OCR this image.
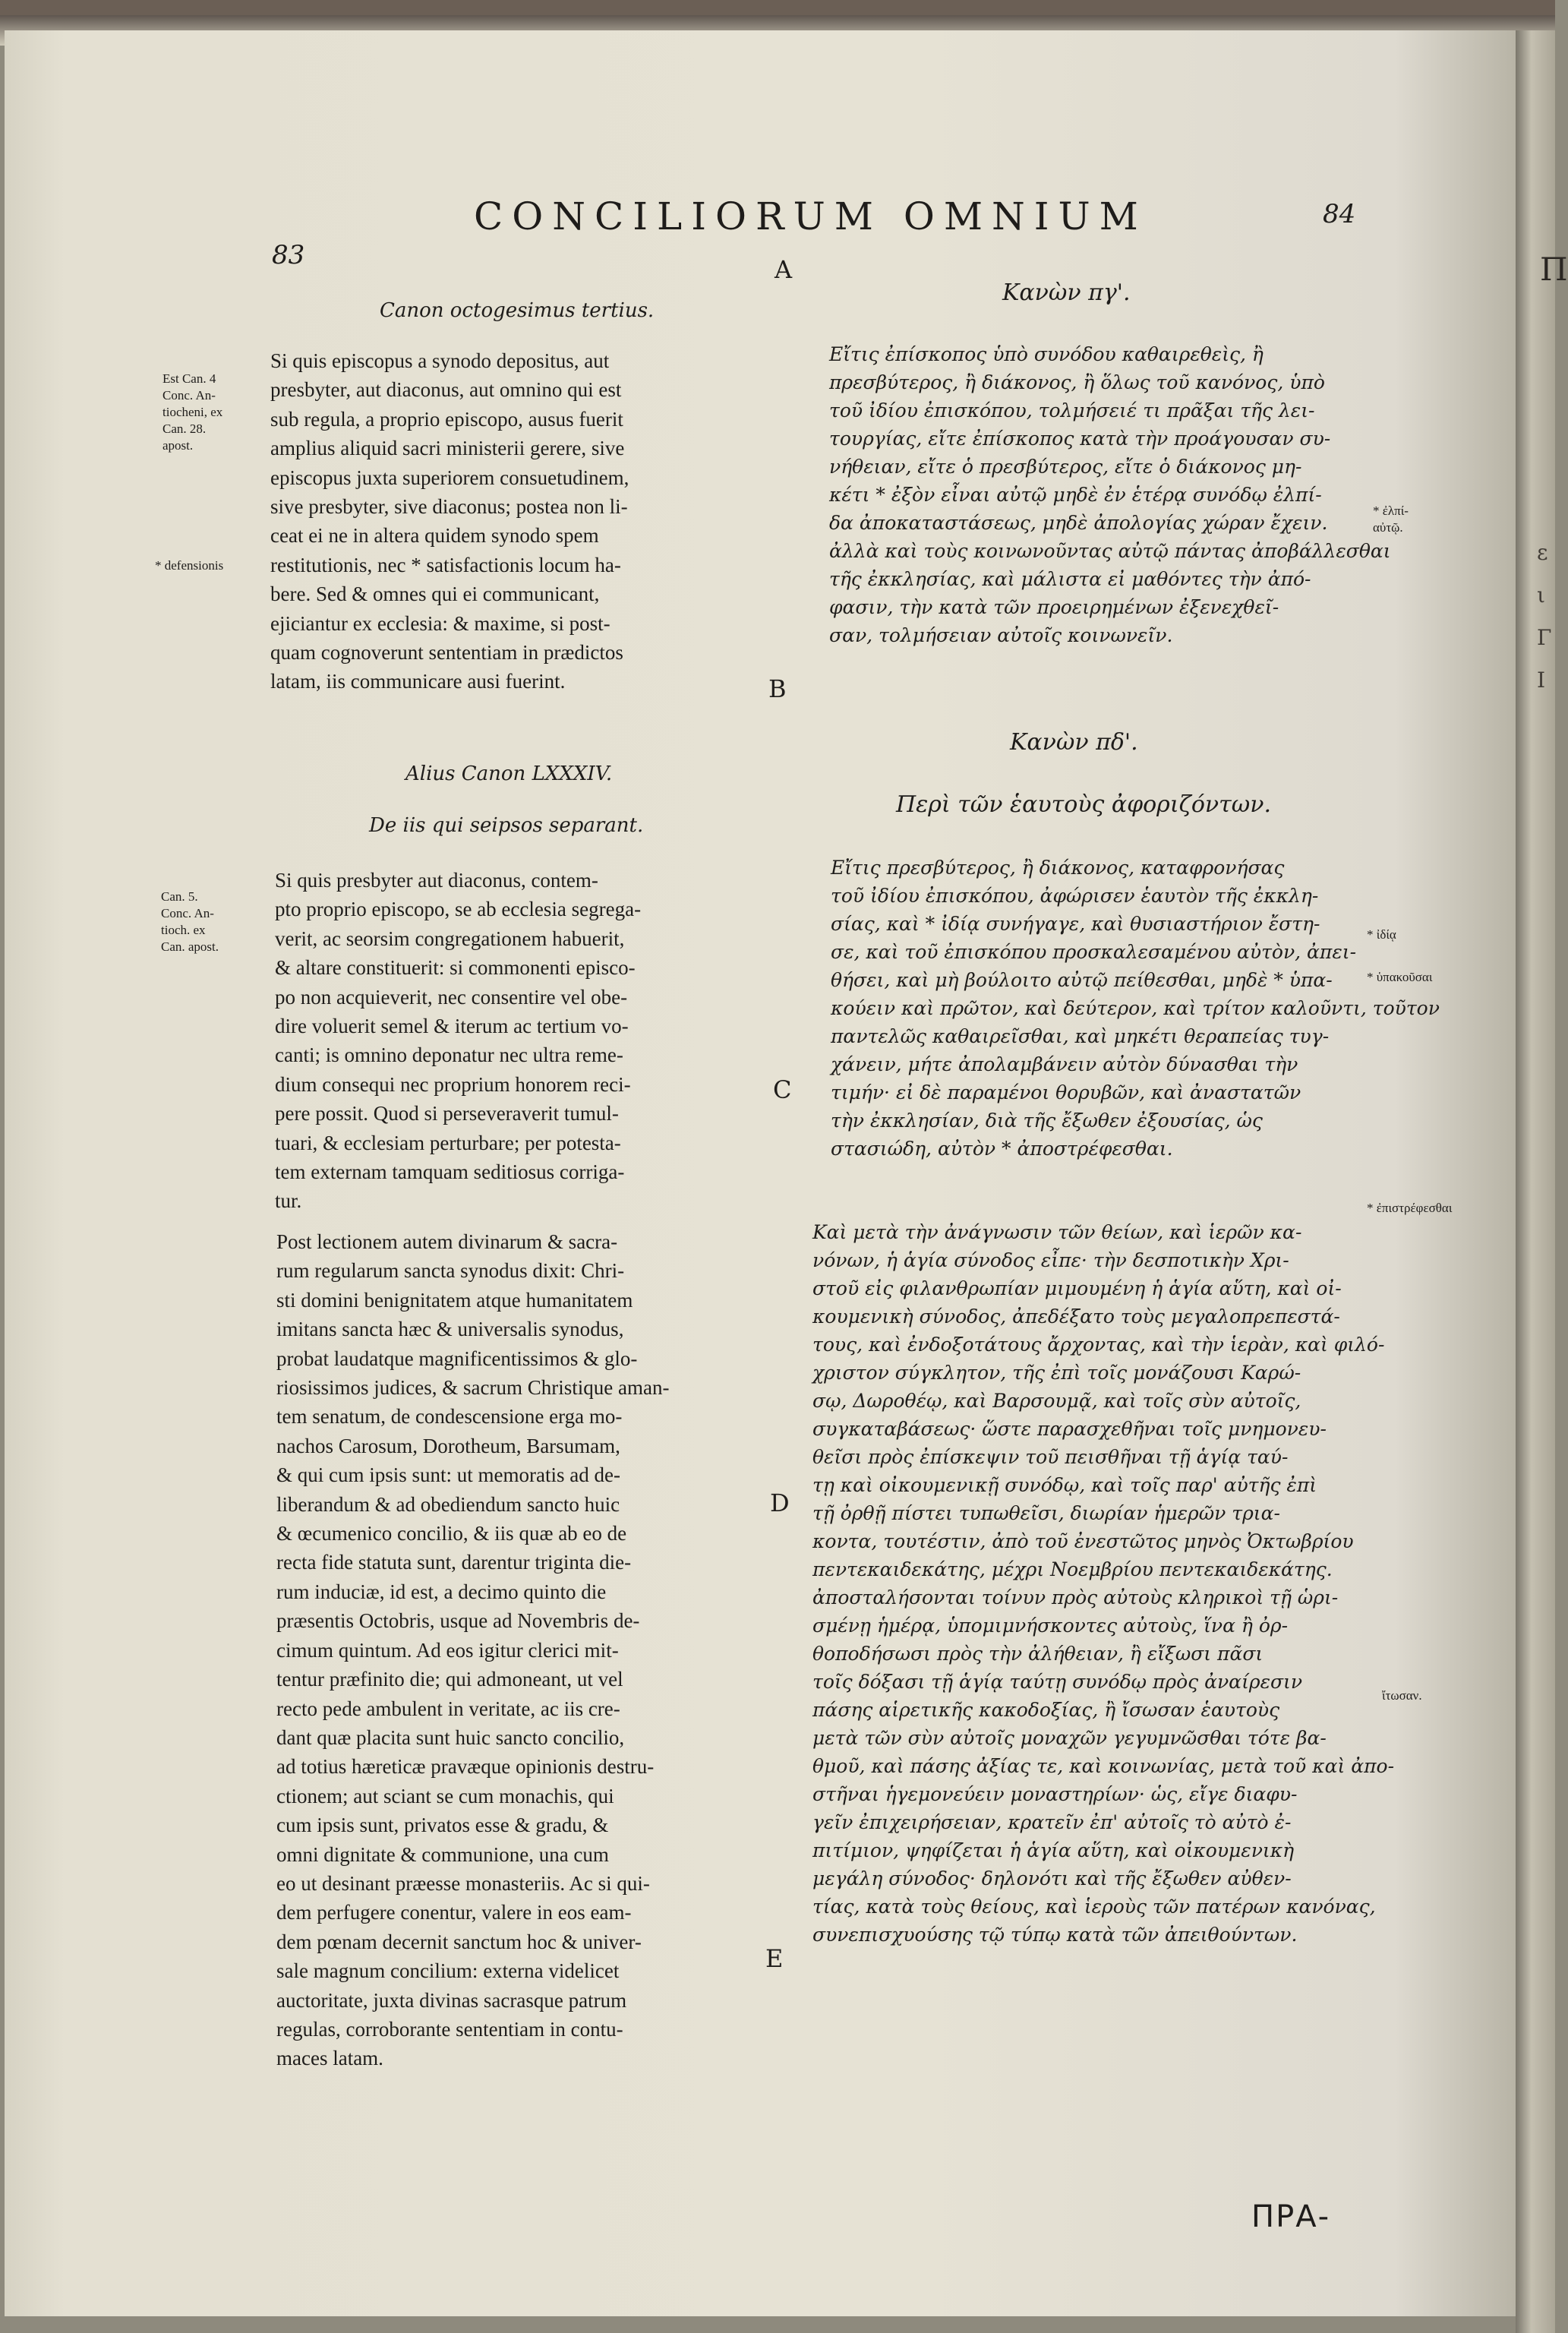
Π
ε
ι
Γ
Ι
CONCILIORUM OMNIUM
83
84
A
Canon octogesimus tertius.
Κανὼν πγ'.
Est Can. 4
Conc. An-
tiocheni, ex
Can. 28.
apost.
* defensionis
* ἐλπί-
αὐτῷ.
Si quis episcopus a synodo depositus, aut
presbyter, aut diaconus, aut omnino qui est
sub regula, a proprio episcopo, ausus fuerit
amplius aliquid sacri ministerii gerere, sive
episcopus juxta superiorem consuetudinem,
sive presbyter, sive diaconus; postea non li-
ceat ei ne in altera quidem synodo spem
restitutionis, nec * satisfactionis locum ha-
bere. Sed & omnes qui ei communicant,
ejiciantur ex ecclesia: & maxime, si post-
quam cognoverunt sententiam in prædictos
latam, iis communicare ausi fuerint.
Εἴτις ἐπίσκοπος ὑπὸ συνόδου καθαιρεθεὶς, ἢ
πρεσβύτερος, ἢ διάκονος, ἢ ὅλως τοῦ κανόνος, ὑπὸ
τοῦ ἰδίου ἐπισκόπου, τολμήσειέ τι πρᾶξαι τῆς λει-
τουργίας, εἴτε ἐπίσκοπος κατὰ τὴν προάγουσαν συ-
νήθειαν, εἴτε ὁ πρεσβύτερος, εἴτε ὁ διάκονος μη-
κέτι * ἐξὸν εἶναι αὐτῷ μηδὲ ἐν ἑτέρᾳ συνόδῳ ἐλπί-
δα ἀποκαταστάσεως, μηδὲ ἀπολογίας χώραν ἔχειν.
ἀλλὰ καὶ τοὺς κοινωνοῦντας αὐτῷ πάντας ἀποβάλλεσθαι
τῆς ἐκκλησίας, καὶ μάλιστα εἰ μαθόντες τὴν ἀπό-
φασιν, τὴν κατὰ τῶν προειρημένων ἐξενεχθεῖ-
σαν, τολμήσειαν αὐτοῖς κοινωνεῖν.
B
Alius Canon LXXXIV.
De iis qui seipsos separant.
Κανὼν πδ'.
Περὶ τῶν ἑαυτοὺς ἀφοριζόντων.
Can. 5.
Conc. An-
tioch. ex
Can. apost.
* ἰδίᾳ
* ὑπακοῦσαι
* ἐπιστρέφεσθαι
Si quis presbyter aut diaconus, contem-
pto proprio episcopo, se ab ecclesia segrega-
verit, ac seorsim congregationem habuerit,
& altare constituerit: si commonenti episco-
po non acquieverit, nec consentire vel obe-
dire voluerit semel & iterum ac tertium vo-
canti; is omnino deponatur nec ultra reme-
dium consequi nec proprium honorem reci-
pere possit. Quod si perseveraverit tumul-
tuari, & ecclesiam perturbare; per potesta-
tem externam tamquam seditiosus corriga-
tur.
Εἴτις πρεσβύτερος, ἢ διάκονος, καταφρονήσας
τοῦ ἰδίου ἐπισκόπου, ἀφώρισεν ἑαυτὸν τῆς ἐκκλη-
σίας, καὶ * ἰδίᾳ συνήγαγε, καὶ θυσιαστήριον ἔστη-
σε, καὶ τοῦ ἐπισκόπου προσκαλεσαμένου αὐτὸν, ἀπει-
θήσει, καὶ μὴ βούλοιτο αὐτῷ πείθεσθαι, μηδὲ * ὑπα-
κούειν καὶ πρῶτον, καὶ δεύτερον, καὶ τρίτον καλοῦντι, τοῦτον
παντελῶς καθαιρεῖσθαι, καὶ μηκέτι θεραπείας τυγ-
χάνειν, μήτε ἀπολαμβάνειν αὐτὸν δύνασθαι τὴν
τιμήν· εἰ δὲ παραμένοι θορυβῶν, καὶ ἀναστατῶν
τὴν ἐκκλησίαν, διὰ τῆς ἔξωθεν ἐξουσίας, ὡς
στασιώδη, αὐτὸν * ἀποστρέφεσθαι.
C
Post lectionem autem divinarum & sacra-
rum regularum sancta synodus dixit: Chri-
sti domini benignitatem atque humanitatem
imitans sancta hæc & universalis synodus,
probat laudatque magnificentissimos & glo-
riosissimos judices, & sacrum Christique aman-
tem senatum, de condescensione erga mo-
nachos Carosum, Dorotheum, Barsumam,
& qui cum ipsis sunt: ut memoratis ad de-
liberandum & ad obediendum sancto huic
& œcumenico concilio, & iis quæ ab eo de
recta fide statuta sunt, darentur triginta die-
rum induciæ, id est, a decimo quinto die
præsentis Octobris, usque ad Novembris de-
cimum quintum. Ad eos igitur clerici mit-
tentur præfinito die; qui admoneant, ut vel
recto pede ambulent in veritate, ac iis cre-
dant quæ placita sunt huic sancto concilio,
ad totius hæreticæ pravæque opinionis destru-
ctionem; aut sciant se cum monachis, qui
cum ipsis sunt, privatos esse & gradu, &
omni dignitate & communione, una cum
eo ut desinant præesse monasteriis. Ac si qui-
dem perfugere conentur, valere in eos eam-
dem pœnam decernit sanctum hoc & univer-
sale magnum concilium: externa videlicet
auctoritate, juxta divinas sacrasque patrum
regulas, corroborante sententiam in contu-
maces latam.
Καὶ μετὰ τὴν ἀνάγνωσιν τῶν θείων, καὶ ἱερῶν κα-
νόνων, ἡ ἁγία σύνοδος εἶπε· τὴν δεσποτικὴν Χρι-
στοῦ εἰς φιλανθρωπίαν μιμουμένη ἡ ἁγία αὕτη, καὶ οἰ-
κουμενικὴ σύνοδος, ἀπεδέξατο τοὺς μεγαλοπρεπεστά-
τους, καὶ ἐνδοξοτάτους ἄρχοντας, καὶ τὴν ἱερὰν, καὶ φιλό-
χριστον σύγκλητον, τῆς ἐπὶ τοῖς μονάζουσι Καρώ-
σῳ, Δωροθέῳ, καὶ Βαρσουμᾷ, καὶ τοῖς σὺν αὐτοῖς,
συγκαταβάσεως· ὥστε παρασχεθῆναι τοῖς μνημονευ-
θεῖσι πρὸς ἐπίσκεψιν τοῦ πεισθῆναι τῇ ἁγίᾳ ταύ-
τῃ καὶ οἰκουμενικῇ συνόδῳ, καὶ τοῖς παρ' αὐτῆς ἐπὶ
τῇ ὀρθῇ πίστει τυπωθεῖσι, διωρίαν ἡμερῶν τρια-
κοντα, τουτέστιν, ἀπὸ τοῦ ἐνεστῶτος μηνὸς Ὀκτωβρίου
πεντεκαιδεκάτης, μέχρι Νοεμβρίου πεντεκαιδεκάτης.
ἀποσταλήσονται τοίνυν πρὸς αὐτοὺς κληρικοὶ τῇ ὡρι-
σμένῃ ἡμέρᾳ, ὑπομιμνήσκοντες αὐτοὺς, ἵνα ἢ ὀρ-
θοποδήσωσι πρὸς τὴν ἀλήθειαν, ἢ εἴξωσι πᾶσι
τοῖς δόξασι τῇ ἁγίᾳ ταύτῃ συνόδῳ πρὸς ἀναίρεσιν
πάσης αἱρετικῆς κακοδοξίας, ἢ ἴσωσαν ἑαυτοὺς
μετὰ τῶν σὺν αὐτοῖς μοναχῶν γεγυμνῶσθαι τότε βα-
θμοῦ, καὶ πάσης ἀξίας τε, καὶ κοινωνίας, μετὰ τοῦ καὶ ἀπο-
στῆναι ἡγεμονεύειν μοναστηρίων· ὡς, εἴγε διαφυ-
γεῖν ἐπιχειρήσειαν, κρατεῖν ἐπ' αὐτοῖς τὸ αὐτὸ ἐ-
πιτίμιον, ψηφίζεται ἡ ἁγία αὕτη, καὶ οἰκουμενικὴ
μεγάλη σύνοδος· δηλονότι καὶ τῆς ἔξωθεν αὐθεν-
τίας, κατὰ τοὺς θείους, καὶ ἱεροὺς τῶν πατέρων κανόνας,
συνεπισχυούσης τῷ τύπῳ κατὰ τῶν ἀπειθούντων.
ἴτωσαν.
D
E
ΠΡΑ-
